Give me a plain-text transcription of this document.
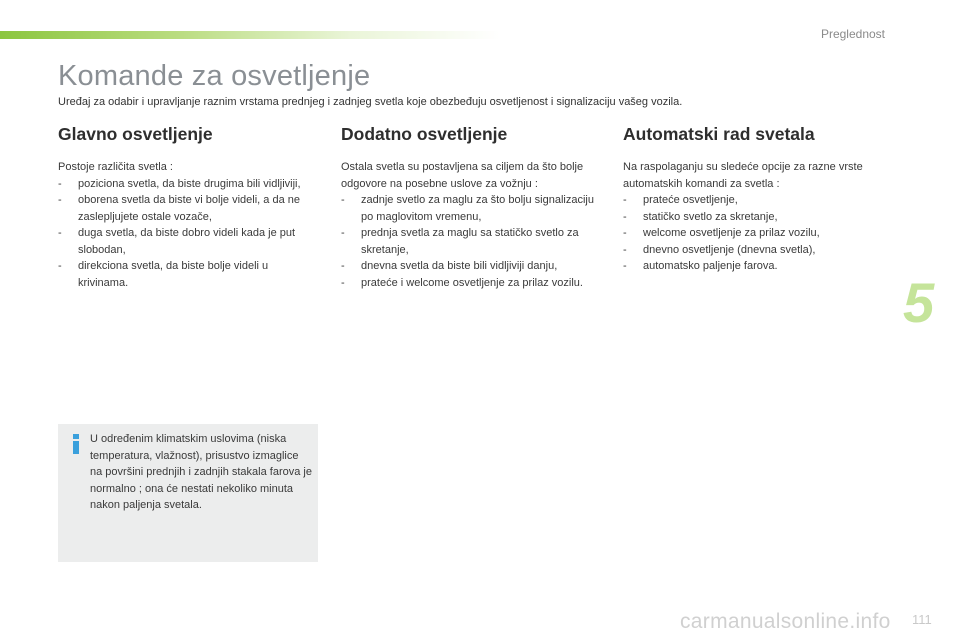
Preglednost
Komande za osvetljenje
Uređaj za odabir i upravljanje raznim vrstama prednjeg i zadnjeg svetla koje obezbeđuju osvetljenost i signalizaciju vašeg vozila.
Glavno osvetljenje

Postoje različita svetla :

- poziciona svetla, da biste drugima bili vidljiviji,
- oborena svetla da biste vi bolje videli, a da ne zaslepljujete ostale vozače,
- duga svetla, da biste dobro videli kada je put slobodan,
- direkciona svetla, da biste bolje videli u krivinama.
Dodatno osvetljenje

Ostala svetla su postavljena sa ciljem da što bolje odgovore na posebne uslove za vožnju :

- zadnje svetlo za maglu za što bolju signalizaciju po maglovitom vremenu,
- prednja svetla za maglu sa statičko svetlo za skretanje,
- dnevna svetla da biste bili vidljiviji danju,
- prateće i welcome osvetljenje za prilaz vozilu.
Automatski rad svetala

Na raspolaganju su sledeće opcije za razne vrste automatskih komandi za svetla :

- prateće osvetljenje,
- statičko svetlo za skretanje,
- welcome osvetljenje za prilaz vozilu,
- dnevno osvetljenje (dnevna svetla),
- automatsko paljenje farova.
U određenim klimatskim uslovima (niska temperatura, vlažnost), prisustvo izmaglice na površini prednjih i zadnjih stakala farova je normalno ; ona će nestati nekoliko minuta nakon paljenja svetala.
5
111
carmanualsonline.info
